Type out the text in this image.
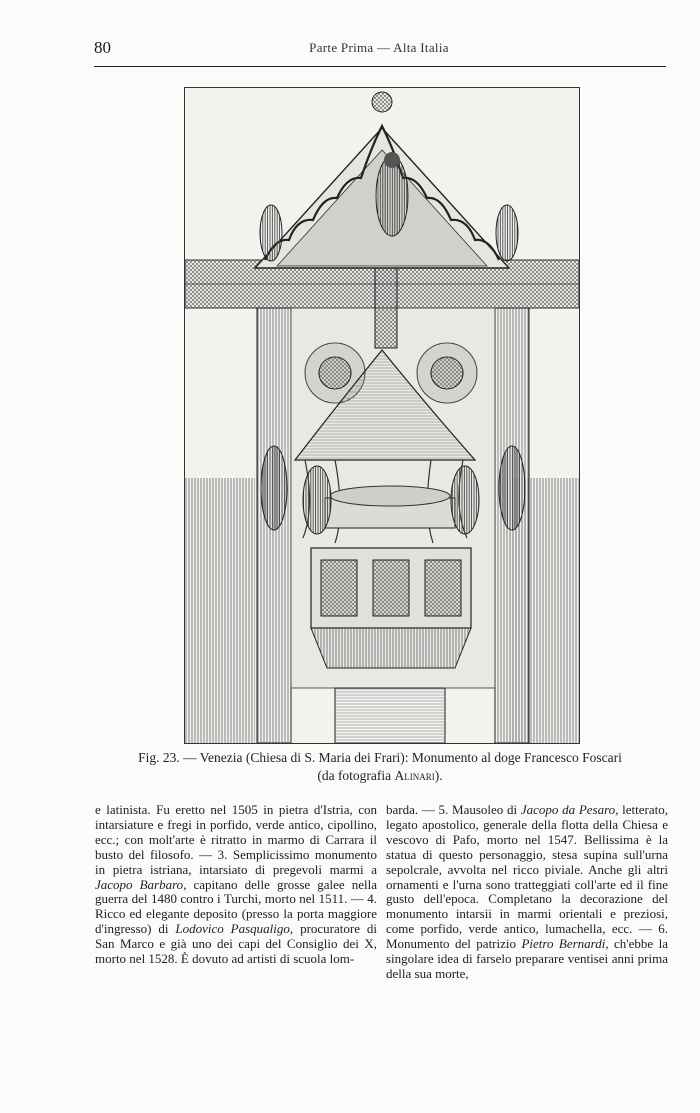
80	Parte Prima — Alta Italia
Fig. 23. — Venezia (Chiesa di S. Maria dei Frari): Monumento al doge Francesco Foscari
(da fotografia Alinari).

e latinista. Fu eretto nel 1505 in pietra d'Istria, con intarsiature e fregi in porfido, verde antico, cipollino, ecc.; con molt'arte è ritratto in marmo di Carrara il busto del filosofo. — 3. Semplicissimo monumento in pietra istriana, intarsiato di pregevoli marmi a Jacopo Barbaro, capitano delle grosse galee nella guerra del 1480 contro i Turchi, morto nel 1511. — 4. Ricco ed elegante deposito (presso la porta maggiore d'ingresso) di Lodovico Pasqualigo, procuratore di San Marco e già uno dei capi del Consiglio dei X, morto nel 1528. È dovuto ad artisti di scuola lom-

barda. — 5. Mausoleo di Jacopo da Pesaro, letterato, legato apostolico, generale della flotta della Chiesa e vescovo di Pafo, morto nel 1547. Bellissima è la statua di questo personaggio, stesa supina sull'urna sepolcrale, avvolta nel ricco piviale. Anche gli altri ornamenti e l'urna sono tratteggiati coll'arte ed il fine gusto dell'epoca. Completano la decorazione del monumento intarsii in marmi orientali e preziosi, come porfido, verde antico, lumachella, ecc. — 6. Monumento del patrizio Pietro Bernardi, ch'ebbe la singolare idea di farselo preparare ventisei anni prima della sua morte,
